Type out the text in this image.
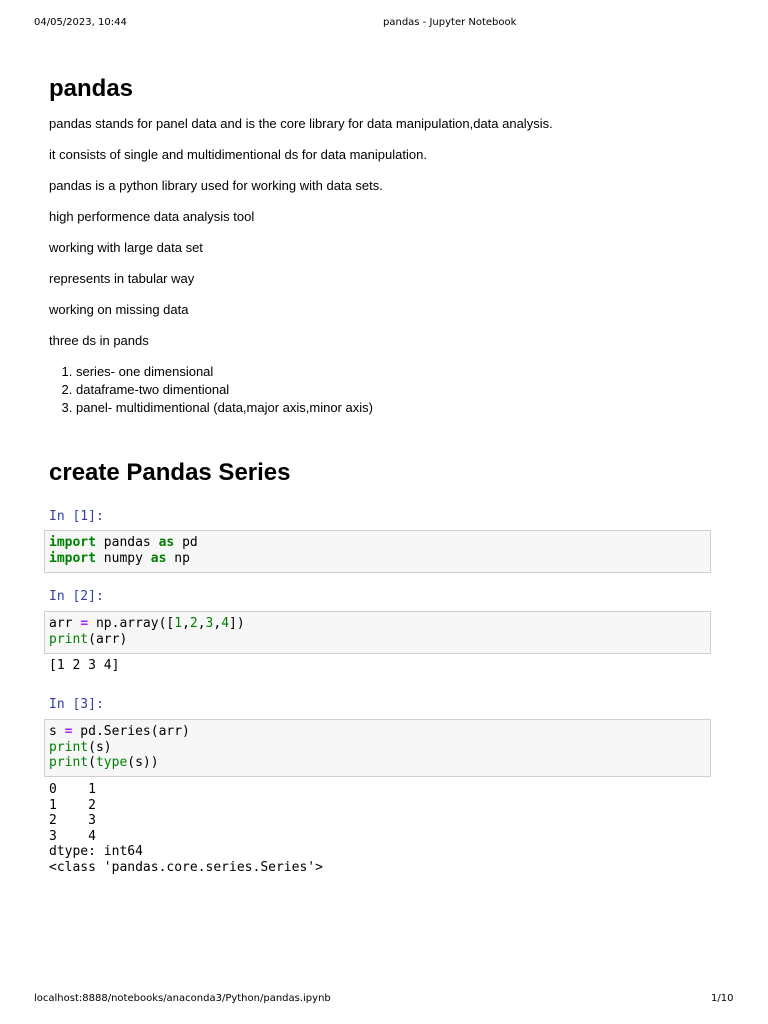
04/05/2023, 10:44	pandas - Jupyter Notebook
pandas
pandas stands for panel data and is the core library for data manipulation,data analysis.
it consists of single and multidimentional ds for data manipulation.
pandas is a python library used for working with data sets.
high performence data analysis tool
working with large data set
represents in tabular way
working on missing data
three ds in pands
1. series- one dimensional
2. dataframe-two dimentional
3. panel- multidimentional (data,major axis,minor axis)
create Pandas Series
In [1]:
import pandas as pd
import numpy as np
In [2]:
arr = np.array([1,2,3,4])
print(arr)
[1 2 3 4]
In [3]:
s = pd.Series(arr)
print(s)
print(type(s))
0    1
1    2
2    3
3    4
dtype: int64
<class 'pandas.core.series.Series'>
localhost:8888/notebooks/anaconda3/Python/pandas.ipynb	1/10
